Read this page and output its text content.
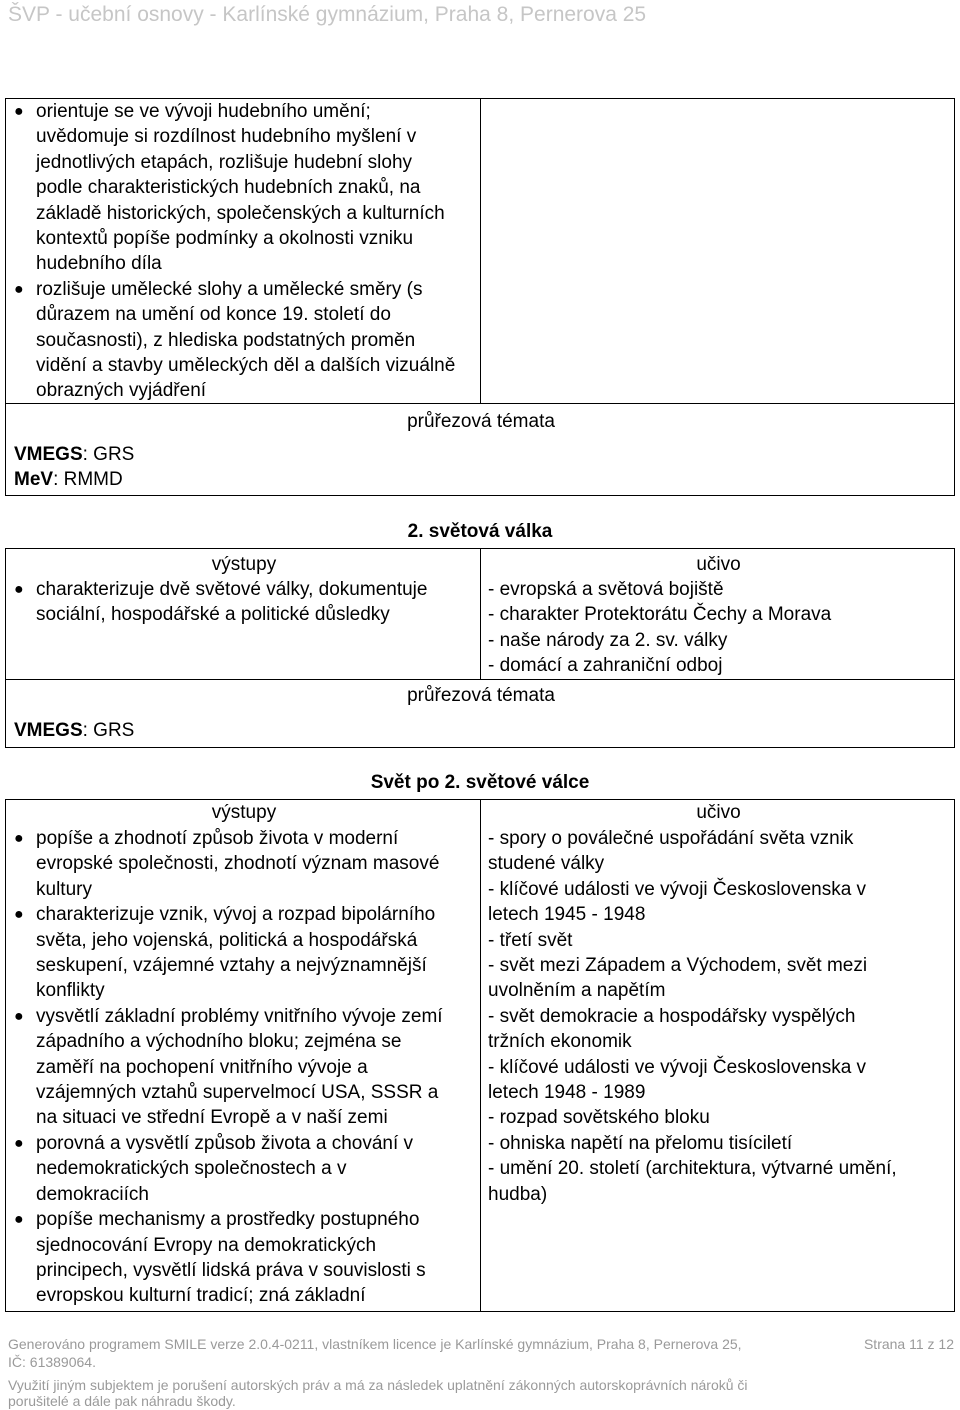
ŠVP - učební osnovy - Karlínské gymnázium, Praha 8, Pernerova 25
● orientuje se ve vývoji hudebního umění; uvědomuje si rozdílnost hudebního myšlení v jednotlivých etapách, rozlišuje hudební slohy podle charakteristických hudebních znaků, na základě historických, společenských a kulturních kontextů popíše podmínky a okolnosti vzniku hudebního díla
● rozlišuje umělecké slohy a umělecké směry (s důrazem na umění od konce 19. století do současnosti), z hlediska podstatných proměn vidění a stavby uměleckých děl a dalších vizuálně obrazných vyjádření
průřezová témata
VMEGS: GRS
MeV: RMMD
2. světová válka
výstupy
● charakterizuje dvě světové války, dokumentuje sociální, hospodářské a politické důsledky
učivo
- evropská a světová bojiště
- charakter Protektorátu Čechy a Morava
- naše národy za 2. sv. války
- domácí a zahraniční odboj
průřezová témata
VMEGS: GRS
Svět po 2. světové válce
výstupy
● popíše a zhodnotí způsob života v moderní evropské společnosti, zhodnotí význam masové kultury
● charakterizuje vznik, vývoj a rozpad bipolárního světa, jeho vojenská, politická a hospodářská seskupení, vzájemné vztahy a nejvýznamnější konflikty
● vysvětlí základní problémy vnitřního vývoje zemí západního a východního bloku; zejména se zaměří na pochopení vnitřního vývoje a vzájemných vztahů supervelmocí USA, SSSR a na situaci ve střední Evropě a v naší zemi
● porovná a vysvětlí způsob života a chování v nedemokratických společnostech a v demokraciích
● popíše mechanismy a prostředky postupného sjednocování Evropy na demokratických principech, vysvětlí lidská práva v souvislosti s evropskou kulturní tradicí; zná základní
učivo
- spory o poválečné uspořádání světa vznik
studené války
- klíčové události ve vývoji Československa v
letech 1945 - 1948
- třetí svět
- svět mezi Západem a Východem, svět mezi
uvolněním a napětím
- svět demokracie a hospodářsky vyspělých
tržních ekonomik
- klíčové události ve vývoji Československa v
letech 1948 - 1989
- rozpad sovětského bloku
- ohniska napětí na přelomu tisíciletí
- umění 20. století (architektura, výtvarné umění,
hudba)
Generováno programem SMILE verze 2.0.4-0211, vlastníkem licence je Karlínské gymnázium, Praha 8, Pernerova 25,	Strana 11 z 12
IČ: 61389064.
Využití jiným subjektem je porušení autorských práv a má za následek uplatnění zákonných autorskoprávních nároků či
porušitelé a dále pak náhradu škody.
